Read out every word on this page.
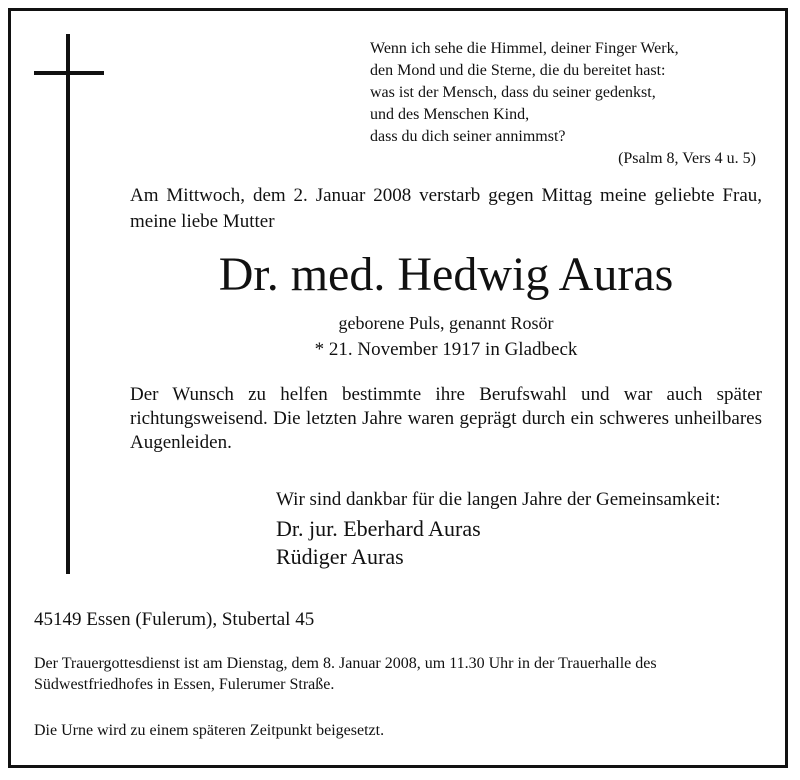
Wenn ich sehe die Himmel, deiner Finger Werk,
den Mond und die Sterne, die du bereitet hast:
was ist der Mensch, dass du seiner gedenkst,
und des Menschen Kind,
dass du dich seiner annimmst?
(Psalm 8, Vers 4 u. 5)
Am Mittwoch, dem 2. Januar 2008 verstarb gegen Mittag meine geliebte Frau, meine liebe Mutter
Dr. med. Hedwig Auras
geborene Puls, genannt Rosör
* 21. November 1917 in Gladbeck
Der Wunsch zu helfen bestimmte ihre Berufswahl und war auch später richtungsweisend. Die letzten Jahre waren geprägt durch ein schweres unheilbares Augenleiden.
Wir sind dankbar für die langen Jahre der Gemeinsamkeit:
Dr. jur. Eberhard Auras
Rüdiger Auras
45149 Essen (Fulerum), Stubertal 45
Der Trauergottesdienst ist am Dienstag, dem 8. Januar 2008, um 11.30 Uhr in der Trauerhalle des Südwestfriedhofes in Essen, Fulerumer Straße.
Die Urne wird zu einem späteren Zeitpunkt beigesetzt.
